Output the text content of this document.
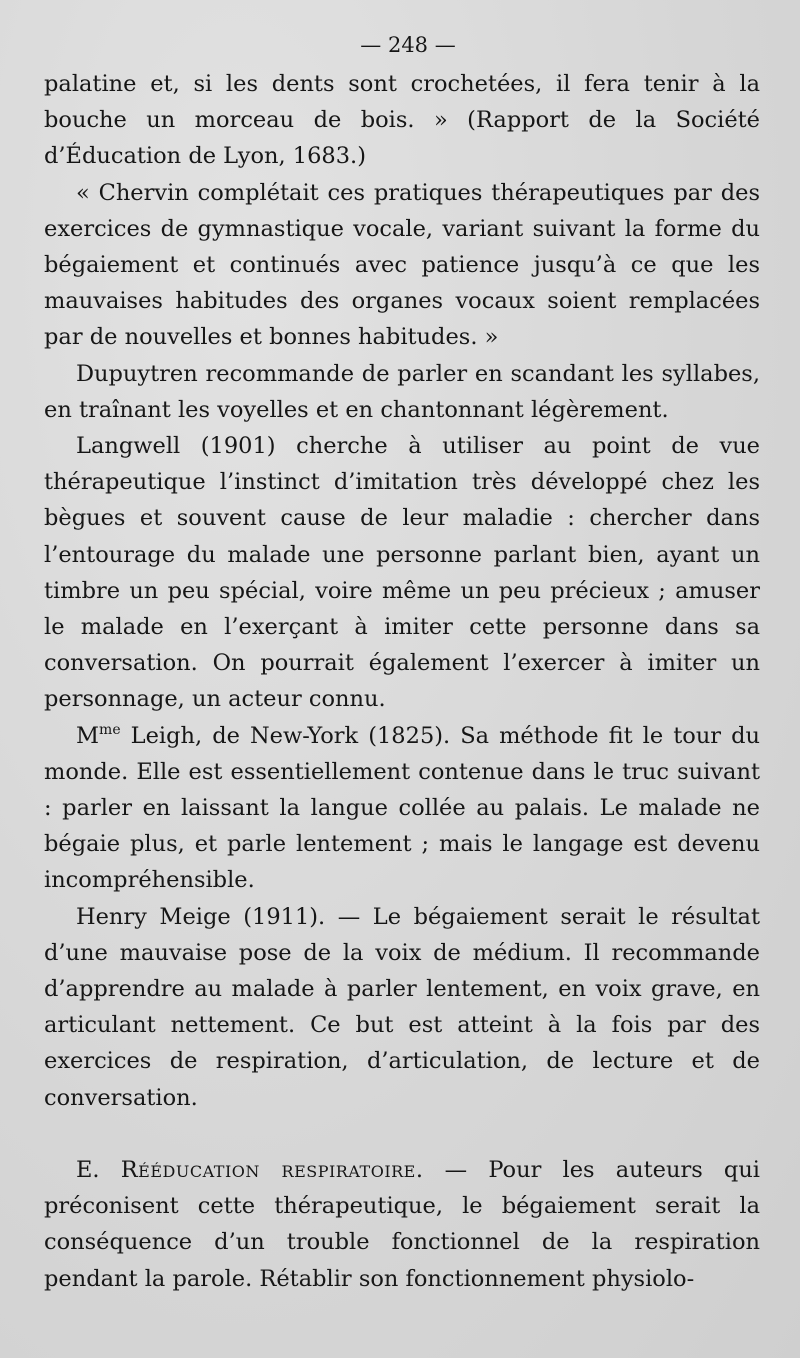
— 248 —

palatine et, si les dents sont crochetées, il fera tenir à la bouche un morceau de bois. » (Rapport de la Société d’Éducation de Lyon, 1683.)

« Chervin complétait ces pratiques thérapeutiques par des exercices de gymnastique vocale, variant suivant la forme du bégaiement et continués avec patience jusqu’à ce que les mauvaises habitudes des organes vocaux soient remplacées par de nouvelles et bonnes habitudes. »

Dupuytren recommande de parler en scandant les syllabes, en traînant les voyelles et en chantonnant légèrement.

Langwell (1901) cherche à utiliser au point de vue thérapeutique l’instinct d’imitation très développé chez les bègues et souvent cause de leur maladie : chercher dans l’entourage du malade une personne parlant bien, ayant un timbre un peu spécial, voire même un peu précieux ; amuser le malade en l’exerçant à imiter cette personne dans sa conversation. On pourrait également l’exercer à imiter un personnage, un acteur connu.

$M^{me}$ Leigh, de New-York (1825). Sa méthode fit le tour du monde. Elle est essentiellement contenue dans le truc suivant : parler en laissant la langue collée au palais. Le malade ne bégaie plus, et parle lentement ; mais le langage est devenu incompréhensible.

Henry Meige (1911). — Le bégaiement serait le résultat d’une mauvaise pose de la voix de médium. Il recommande d’apprendre au malade à parler lentement, en voix grave, en articulant nettement. Ce but est atteint à la fois par des exercices de respiration, d’articulation, de lecture et de conversation.

E. Rééducation respiratoire. — Pour les auteurs qui préconisent cette thérapeutique, le bégaiement serait la conséquence d’un trouble fonctionnel de la respiration pendant la parole. Rétablir son fonctionnement physiolo-
